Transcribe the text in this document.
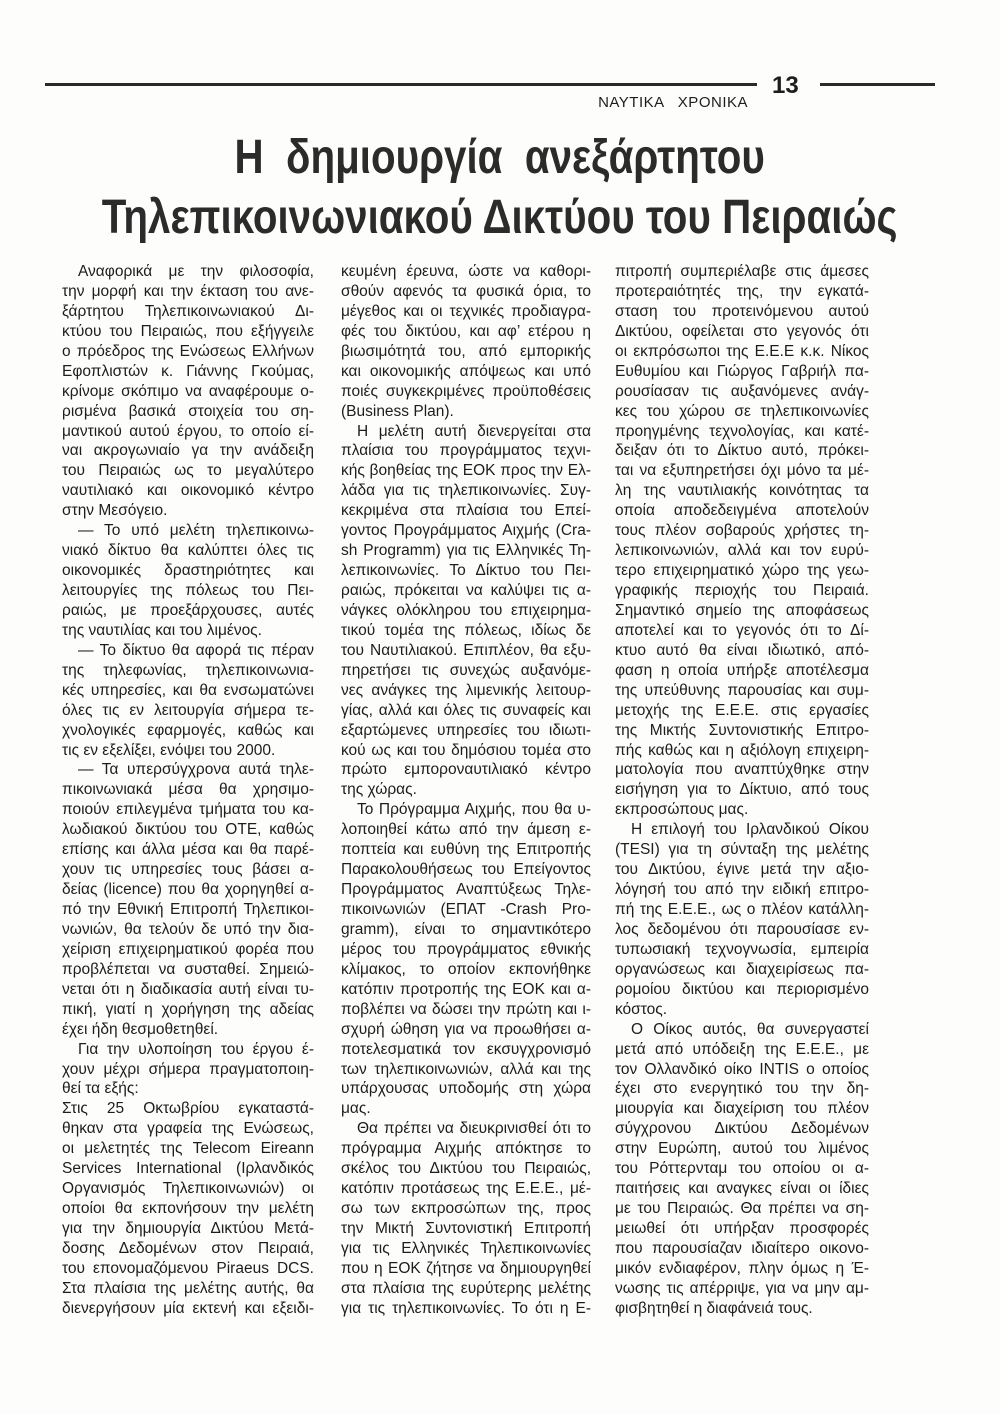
13
ΝΑΥΤΙΚΑ   ΧΡΟΝΙΚΑ
Η  δημιουργία  ανεξάρτητου
Τηλεπικοινωνιακού Δικτύου του Πειραιώς
Αναφορικά με την φιλοσοφία,
την μορφή και την έκταση του ανε-
ξάρτητου Τηλεπικοινωνιακού Δι-
κτύου του Πειραιώς, που εξήγγειλε
ο πρόεδρος της Ενώσεως Ελλήνων
Εφοπλιστών κ. Γιάννης Γκούμας,
κρίνομε σκόπιμο να αναφέρουμε ο-
ρισμένα βασικά στοιχεία του ση-
μαντικού αυτού έργου, το οποίο εί-
ναι ακρογωνιαίο γα την ανάδειξη
του Πειραιώς ως το μεγαλύτερο
ναυτιλιακό και οικονομικό κέντρο
στην Μεσόγειο.
— Το υπό μελέτη τηλεπικοινω-
νιακό δίκτυο θα καλύπτει όλες τις
οικονομικές δραστηριότητες και
λειτουργίες της πόλεως του Πει-
ραιώς, με προεξάρχουσες, αυτές
της ναυτιλίας και του λιμένος.
— Το δίκτυο θα αφορά τις πέραν
της τηλεφωνίας, τηλεπικοινωνια-
κές υπηρεσίες, και θα ενσωματώνει
όλες τις εν λειτουργία σήμερα τε-
χνολογικές εφαρμογές, καθώς και
τις εν εξελίξει, ενόψει του 2000.
— Τα υπερσύγχρονα αυτά τηλε-
πικοινωνιακά μέσα θα χρησιμο-
ποιούν επιλεγμένα τμήματα του κα-
λωδιακού δικτύου του ΟΤΕ, καθώς
επίσης και άλλα μέσα και θα παρέ-
χουν τις υπηρεσίες τους βάσει α-
δείας (licence) που θα χορηγηθεί α-
πό την Εθνική Επιτροπή Τηλεπικοι-
νωνιών, θα τελούν δε υπό την δια-
χείριση επιχειρηματικού φορέα που
προβλέπεται να συσταθεί. Σημειώ-
νεται ότι η διαδικασία αυτή είναι τυ-
πική, γιατί η χορήγηση της αδείας
έχει ήδη θεσμοθετηθεί.
Για την υλοποίηση του έργου έ-
χουν μέχρι σήμερα πραγματοποιη-
θεί τα εξής:
Στις 25 Οκτωβρίου εγκαταστά-
θηκαν στα γραφεία της Ενώσεως,
οι μελετητές της Telecom Eireann
Services International (Ιρλανδικός
Οργανισμός Τηλεπικοινωνιών) οι
οποίοι θα εκπονήσουν την μελέτη
για την δημιουργία Δικτύου Μετά-
δοσης Δεδομένων στον Πειραιά,
του επονομαζόμενου Piraeus DCS.
Στα πλαίσια της μελέτης αυτής, θα
διενεργήσουν μία εκτενή και εξειδι-
κευμένη έρευνα, ώστε να καθορι-
σθούν αφενός τα φυσικά όρια, το
μέγεθος και οι τεχνικές προδιαγρα-
φές του δικτύου, και αφ’ ετέρου η
βιωσιμότητά του, από εμπορικής
και οικονομικής απόψεως και υπό
ποιές συγκεκριμένες προϋποθέσεις
(Business Plan).
Η μελέτη αυτή διενεργείται στα
πλαίσια του προγράμματος τεχνι-
κής βοηθείας της ΕΟΚ προς την Ελ-
λάδα για τις τηλεπικοινωνίες. Συγ-
κεκριμένα στα πλαίσια του Επεί-
γοντος Προγράμματος Αιχμής (Cra-
sh Programm) για τις Ελληνικές Τη-
λεπικοινωνίες. Το Δίκτυο του Πει-
ραιώς, πρόκειται να καλύψει τις α-
νάγκες ολόκληρου του επιχειρημα-
τικού τομέα της πόλεως, ιδίως δε
του Ναυτιλιακού. Επιπλέον, θα εξυ-
πηρετήσει τις συνεχώς αυξανόμε-
νες ανάγκες της λιμενικής λειτουρ-
γίας, αλλά και όλες τις συναφείς και
εξαρτώμενες υπηρεσίες του ιδιωτι-
κού ως και του δημόσιου τομέα στο
πρώτο εμποροναυτιλιακό κέντρο
της χώρας.
Το Πρόγραμμα Αιχμής, που θα υ-
λοποιηθεί κάτω από την άμεση ε-
ποπτεία και ευθύνη της Επιτροπής
Παρακολουθήσεως του Επείγοντος
Προγράμματος Αναπτύξεως Τηλε-
πικοινωνιών (ΕΠΑΤ -Crash Pro-
gramm), είναι το σημαντικότερο
μέρος του προγράμματος εθνικής
κλίμακος, το οποίον εκπονήθηκε
κατόπιν προτροπής της ΕΟΚ και α-
ποβλέπει να δώσει την πρώτη και ι-
σχυρή ώθηση για να προωθήσει α-
ποτελεσματικά τον εκσυγχρονισμό
των τηλεπικοινωνιών, αλλά και της
υπάρχουσας υποδομής στη χώρα
μας.
Θα πρέπει να διευκρινισθεί ότι το
πρόγραμμα Αιχμής απόκτησε το
σκέλος του Δικτύου του Πειραιώς,
κατόπιν προτάσεως της Ε.Ε.Ε., μέ-
σω των εκπροσώπων της, προς
την Μικτή Συντονιστική Επιτροπή
για τις Ελληνικές Τηλεπικοινωνίες
που η ΕΟΚ ζήτησε να δημιουργηθεί
στα πλαίσια της ευρύτερης μελέτης
για τις τηλεπικοινωνίες. Το ότι η Ε-
πιτροπή συμπεριέλαβε στις άμεσες
προτεραιότητές της, την εγκατά-
σταση του προτεινόμενου αυτού
Δικτύου, οφείλεται στο γεγονός ότι
οι εκπρόσωποι της Ε.Ε.Ε κ.κ. Νίκος
Ευθυμίου και Γιώργος Γαβριήλ πα-
ρουσίασαν τις αυξανόμενες ανάγ-
κες του χώρου σε τηλεπικοινωνίες
προηγμένης τεχνολογίας, και κατέ-
δειξαν ότι το Δίκτυο αυτό, πρόκει-
ται να εξυπηρετήσει όχι μόνο τα μέ-
λη της ναυτιλιακής κοινότητας τα
οποία αποδεδειγμένα αποτελούν
τους πλέον σοβαρούς χρήστες τη-
λεπικοινωνιών, αλλά και τον ευρύ-
τερο επιχειρηματικό χώρο της γεω-
γραφικής περιοχής του Πειραιά.
Σημαντικό σημείο της αποφάσεως
αποτελεί και το γεγονός ότι το Δί-
κτυο αυτό θα είναι ιδιωτικό, από-
φαση η οποία υπήρξε αποτέλεσμα
της υπεύθυνης παρουσίας και συμ-
μετοχής της Ε.Ε.Ε. στις εργασίες
της Μικτής Συντονιστικής Επιτρο-
πής καθώς και η αξιόλογη επιχειρη-
ματολογία που αναπτύχθηκε στην
εισήγηση για το Δίκτυιο, από τους
εκπροσώπους μας.
Η επιλογή του Ιρλανδικού Οίκου
(TESI) για τη σύνταξη της μελέτης
του Δικτύου, έγινε μετά την αξιο-
λόγησή του από την ειδική επιτρο-
πή της Ε.Ε.Ε., ως ο πλέον κατάλλη-
λος δεδομένου ότι παρουσίασε εν-
τυπωσιακή τεχνογνωσία, εμπειρία
οργανώσεως και διαχειρίσεως πα-
ρομοίου δικτύου και περιορισμένο
κόστος.
Ο Οίκος αυτός, θα συνεργαστεί
μετά από υπόδειξη της Ε.Ε.Ε., με
τον Ολλανδικό οίκο INTIS ο οποίος
έχει στο ενεργητικό του την δη-
μιουργία και διαχείριση του πλέον
σύγχρονου Δικτύου Δεδομένων
στην Ευρώπη, αυτού του λιμένος
του Ρόττερνταμ του οποίου οι α-
παιτήσεις και αναγκες είναι οι ίδιες
με του Πειραιώς. Θα πρέπει να ση-
μειωθεί ότι υπήρξαν προσφορές
που παρουσίαζαν ιδιαίτερο οικονο-
μικόν ενδιαφέρον, πλην όμως η Έ-
νωσης τις απέρριψε, για να μην αμ-
φισβητηθεί η διαφάνειά τους.
